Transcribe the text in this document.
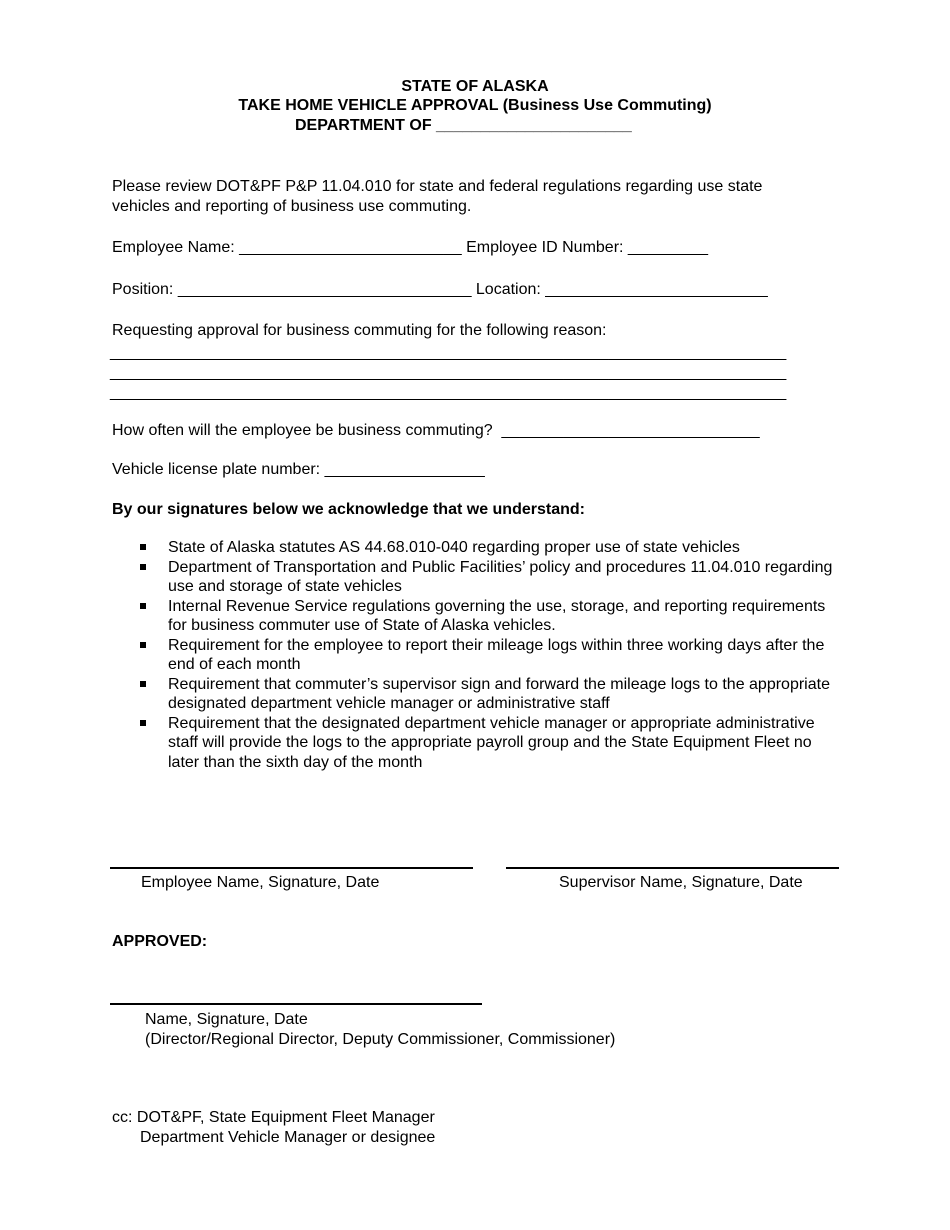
STATE OF ALASKA
TAKE HOME VEHICLE APPROVAL (Business Use Commuting)
DEPARTMENT OF ______________________
Please review DOT&PF P&P 11.04.010 for state and federal regulations regarding use state
vehicles and reporting of business use commuting.
Employee Name: _________________________ Employee ID Number: _________
Position: _________________________________ Location: _________________________
Requesting approval for business commuting for the following reason:
____________________________________________________________________________
____________________________________________________________________________
____________________________________________________________________________
How often will the employee be business commuting?  _____________________________
Vehicle license plate number: __________________
By our signatures below we acknowledge that we understand:
State of Alaska statutes AS 44.68.010-040 regarding proper use of state vehicles
Department of Transportation and Public Facilities’ policy and procedures 11.04.010 regarding use and storage of state vehicles
Internal Revenue Service regulations governing the use, storage, and reporting requirements for business commuter use of State of Alaska vehicles.
Requirement for the employee to report their mileage logs within three working days after the end of each month
Requirement that commuter’s supervisor sign and forward the mileage logs to the appropriate designated department vehicle manager or administrative staff
Requirement that the designated department vehicle manager or appropriate administrative staff will provide the logs to the appropriate payroll group and the State Equipment Fleet no later than the sixth day of the month
Employee Name, Signature, Date	Supervisor Name, Signature, Date
APPROVED:
Name, Signature, Date
(Director/Regional Director, Deputy Commissioner, Commissioner)
cc: DOT&PF, State Equipment Fleet Manager
Department Vehicle Manager or designee
